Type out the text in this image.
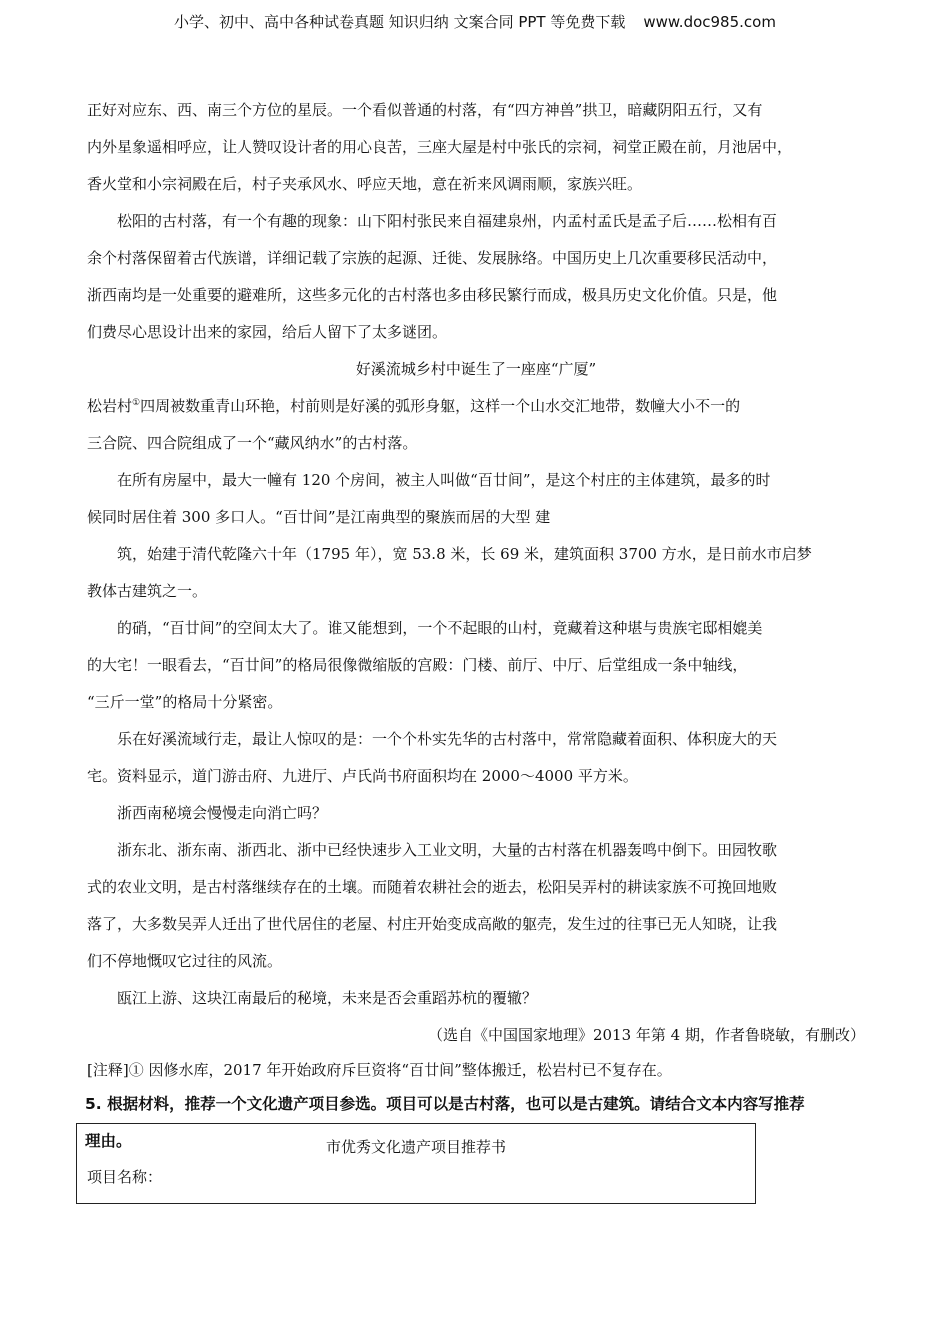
小学、初中、高中各种试卷真题 知识归纳 文案合同 PPT 等免费下载 www.doc985.com

正好对应东、西、南三个方位的星辰。一个看似普通的村落，有“四方神兽”拱卫，暗藏阴阳五行，又有

内外星象遥相呼应，让人赞叹设计者的用心良苦，三座大屋是村中张氏的宗祠，祠堂正殿在前，月池居中，

香火堂和小宗祠殿在后，村子夹承风水、呼应天地，意在祈来风调雨顺，家族兴旺。

松阳的古村落，有一个有趣的现象：山下阳村张民来自福建泉州，内孟村孟氏是孟子后……松相有百

余个村落保留着古代族谱，详细记载了宗族的起源、迁徙、发展脉络。中国历史上几次重要移民活动中，

浙西南均是一处重要的避难所，这些多元化的古村落也多由移民繁行而成，极具历史文化价值。只是，他

们费尽心思设计出来的家园，给后人留下了太多谜团。

好溪流城乡村中诞生了一座座“广厦”

松岩村①四周被数重青山环艳，村前则是好溪的弧形身躯，这样一个山水交汇地带，数幢大小不一的

三合院、四合院组成了一个“藏风纳水”的古村落。

在所有房屋中，最大一幢有 120 个房间，被主人叫做“百廿间”，是这个村庄的主体建筑，最多的时

候同时居住着 300 多口人。“百廿间”是江南典型的聚族而居的大型 建

筑，始建于清代乾隆六十年（1795 年），宽 53.8 米，长 69 米，建筑面积 3700 方水，是日前水市启梦

教体古建筑之一。

的硝，“百廿间”的空间太大了。谁又能想到，一个不起眼的山村，竟藏着这种堪与贵族宅邸相媲美

的大宅！一眼看去，“百廿间”的格局很像微缩版的宫殿：门楼、前厅、中厅、后堂组成一条中轴线，

“三斤一堂”的格局十分紧密。

乐在好溪流域行走，最让人惊叹的是：一个个朴实先华的古村落中，常常隐藏着面积、体积庞大的天

宅。资料显示，道门游击府、九进厅、卢氏尚书府面积均在 2000～4000 平方米。

浙西南秘境会慢慢走向消亡吗？

浙东北、浙东南、浙西北、浙中已经快速步入工业文明，大量的古村落在机器轰鸣中倒下。田园牧歌

式的农业文明，是古村落继续存在的土壤。而随着农耕社会的逝去，松阳吴弄村的耕读家族不可挽回地败

落了，大多数吴弄人迁出了世代居住的老屋、村庄开始变成高敞的躯壳，发生过的往事已无人知晓，让我

们不停地慨叹它过往的风流。

瓯江上游、这块江南最后的秘境，未来是否会重蹈苏杭的覆辙？

（选自《中国国家地理》2013 年第 4 期，作者鲁晓敏，有删改）

[注释]① 因修水库，2017 年开始政府斥巨资将“百廿间”整体搬迁，松岩村已不复存在。

5. 根据材料，推荐一个文化遗产项目参选。项目可以是古村落，也可以是古建筑。请结合文本内容写推荐

理由。	市优秀文化遗产项目推荐书
项目名称：
